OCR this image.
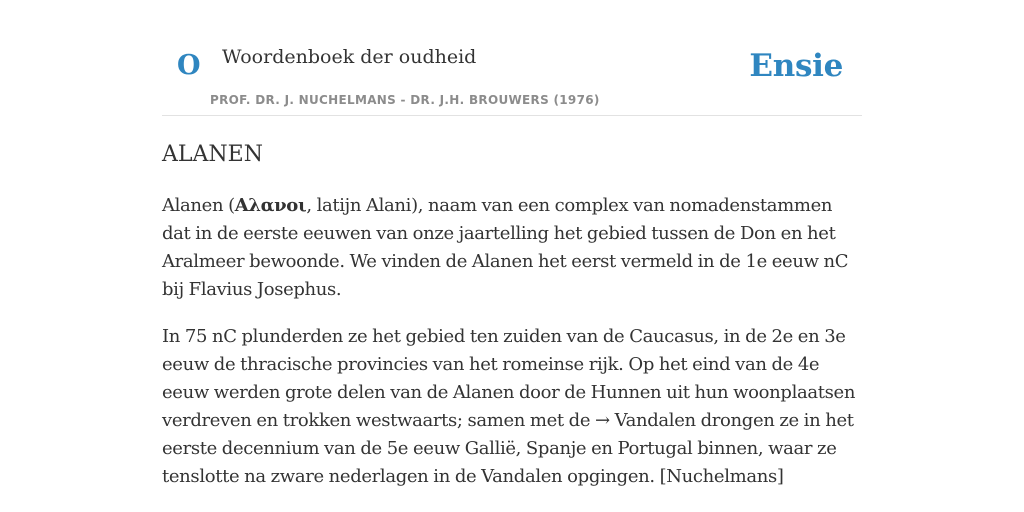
O Woordenboek der oudheid
PROF. DR. J. NUCHELMANS - DR. J.H. BROUWERS (1976)
Ensie
ALANEN

Alanen (Αλανοι, latijn Alani), naam van een complex van nomadenstammen dat in de eerste eeuwen van onze jaartelling het gebied tussen de Don en het Aralmeer bewoonde. We vinden de Alanen het eerst vermeld in de 1e eeuw nC bij Flavius Josephus.

In 75 nC plunderden ze het gebied ten zuiden van de Caucasus, in de 2e en 3e eeuw de thracische provincies van het romeinse rijk. Op het eind van de 4e eeuw werden grote delen van de Alanen door de Hunnen uit hun woonplaatsen verdreven en trokken westwaarts; samen met de → Vandalen drongen ze in het eerste decennium van de 5e eeuw Gallië, Spanje en Portugal binnen, waar ze tenslotte na zware nederlagen in de Vandalen opgingen. [Nuchelmans]
